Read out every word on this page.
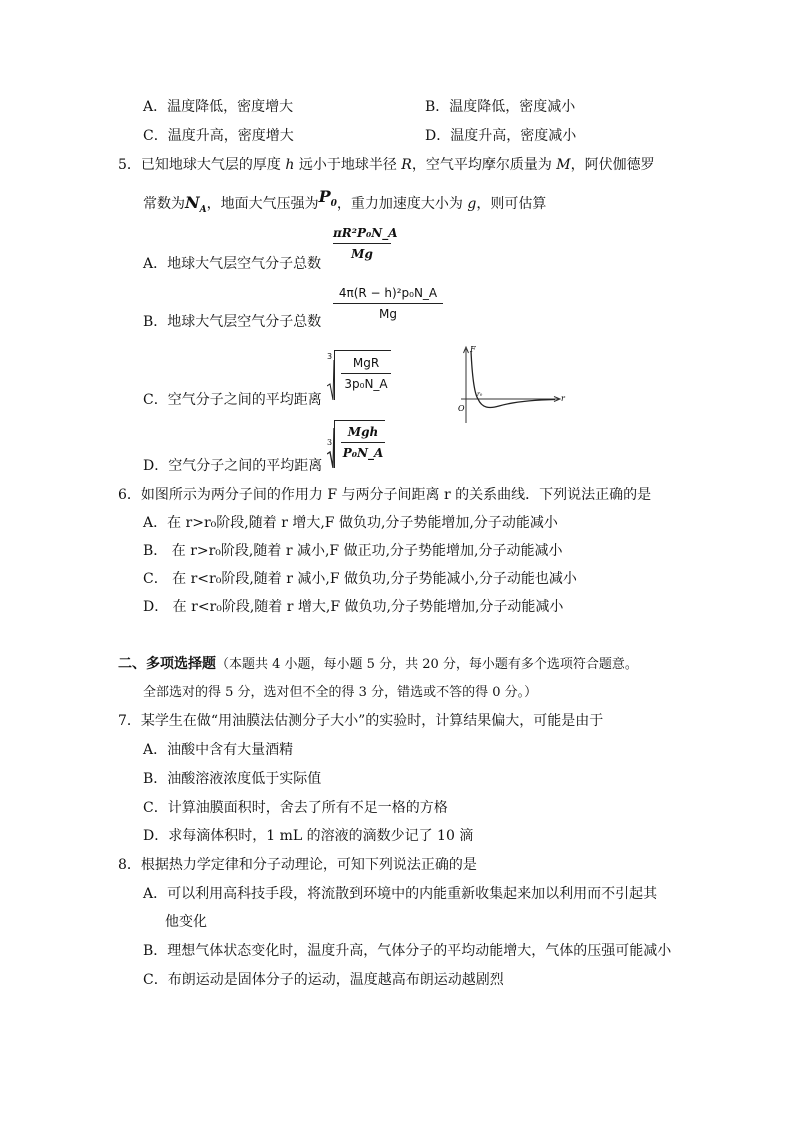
A．温度降低，密度增大	B．温度降低，密度减小
C．温度升高，密度增大	D．温度升高，密度减小
5．已知地球大气层的厚度 h 远小于地球半径 R，空气平均摩尔质量为 M，阿伏伽德罗
常数为$N_A$，地面大气压强为$P_0$，重力加速度大小为 g，则可估算
A．地球大气层空气分子总数
πR²P₀N_A
Mg
B．地球大气层空气分子总数
4π(R − h)²p₀N_A
Mg
C．空气分子之间的平均距离
3	MgR
3p₀N_A
D．空气分子之间的平均距离
3
Mgh
P₀N_A
F
r
O
r₀
6．如图所示为两分子间的作用力 F 与两分子间距离 r 的关系曲线．下列说法正确的是
A．在 r>r₀阶段,随着 r 增大,F 做负功,分子势能增加,分子动能减小
B． 在 r>r₀阶段,随着 r 减小,F 做正功,分子势能增加,分子动能减小
C． 在 r<r₀阶段,随着 r 减小,F 做负功,分子势能减小,分子动能也减小
D． 在 r<r₀阶段,随着 r 增大,F 做负功,分子势能增加,分子动能减小
二、多项选择题（本题共 4 小题，每小题 5 分，共 20 分，每小题有多个选项符合题意。
全部选对的得 5 分，选对但不全的得 3 分，错选或不答的得 0 分。）
7．某学生在做“用油膜法估测分子大小”的实验时，计算结果偏大，可能是由于
A．油酸中含有大量酒精
B．油酸溶液浓度低于实际值
C．计算油膜面积时，舍去了所有不足一格的方格
D．求每滴体积时，1 mL 的溶液的滴数少记了 10 滴
8．根据热力学定律和分子动理论，可知下列说法正确的是
A．可以利用高科技手段，将流散到环境中的内能重新收集起来加以利用而不引起其
他变化
B．理想气体状态变化时，温度升高，气体分子的平均动能增大，气体的压强可能减小
C．布朗运动是固体分子的运动，温度越高布朗运动越剧烈
